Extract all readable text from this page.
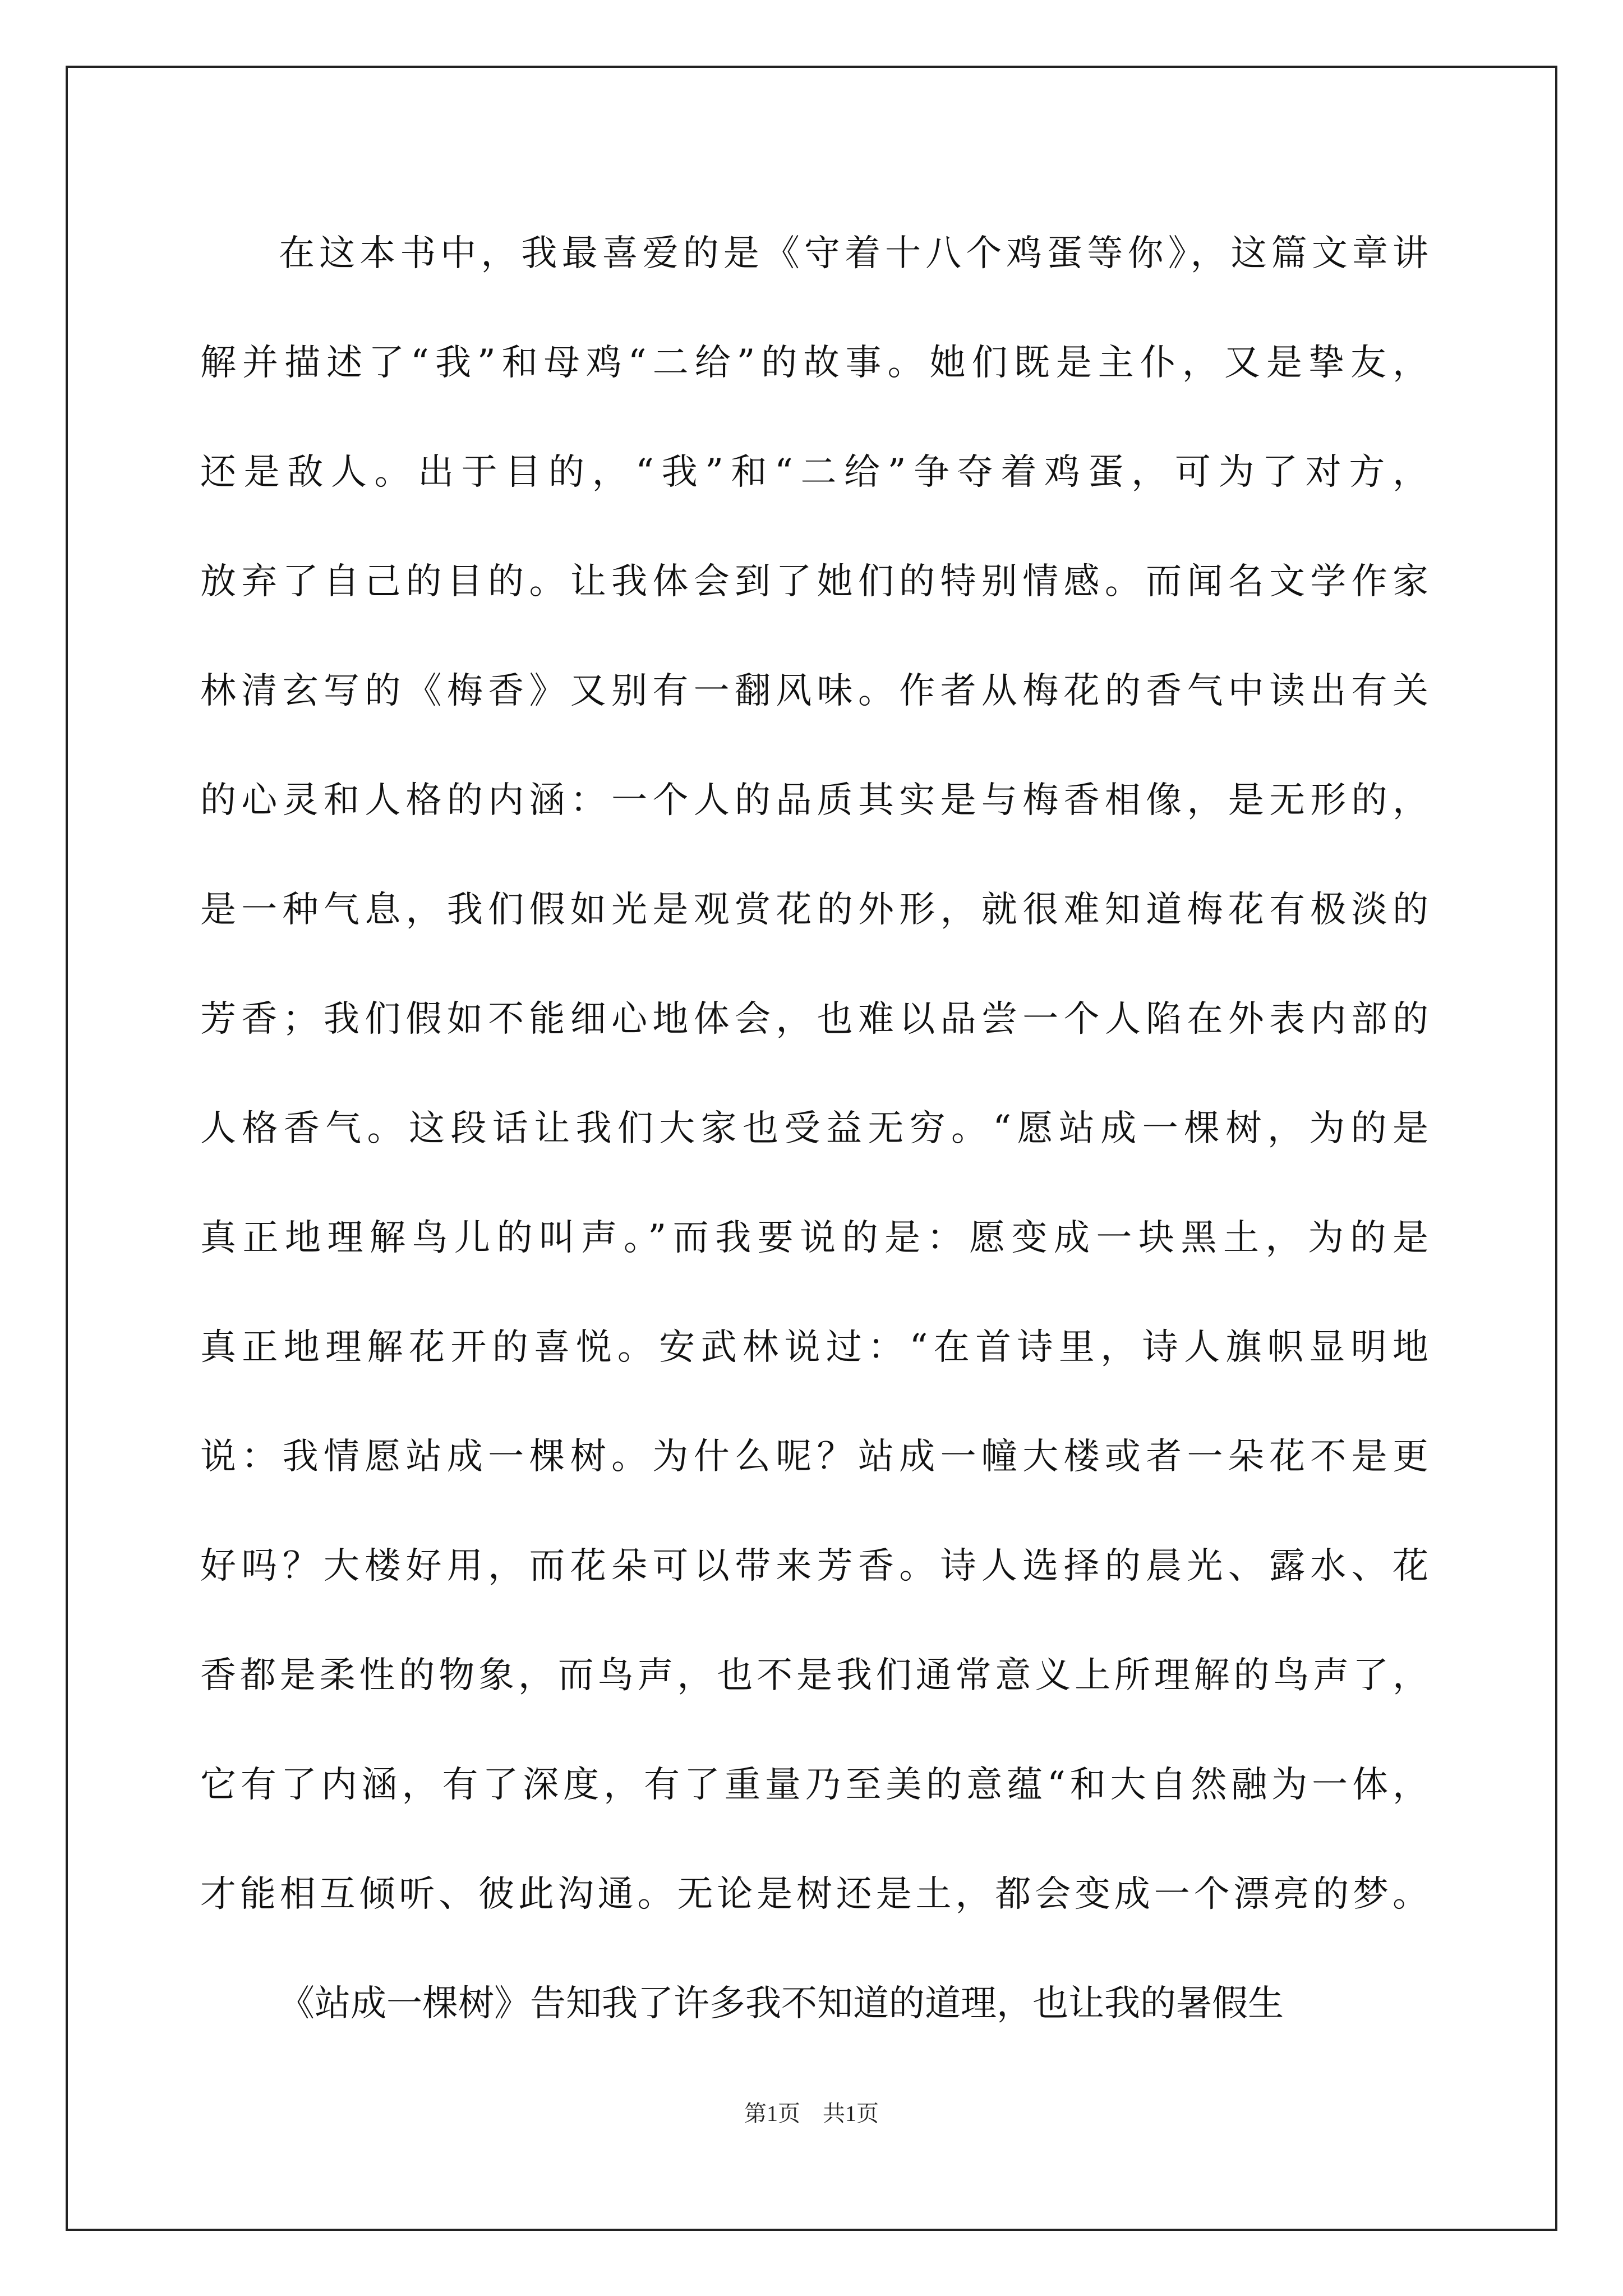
在这本书中，我最喜爱的是《守着十八个鸡蛋等你》，这篇文章讲
解并描述了“我”和母鸡“二给”的故事。她们既是主仆，又是挚友，
还是敌人。出于目的，“我”和“二给”争夺着鸡蛋，可为了对方，
放弃了自己的目的。让我体会到了她们的特别情感。而闻名文学作家
林清玄写的《梅香》又别有一翻风味。作者从梅花的香气中读出有关
的心灵和人格的内涵：一个人的品质其实是与梅香相像，是无形的，
是一种气息，我们假如光是观赏花的外形，就很难知道梅花有极淡的
芳香；我们假如不能细心地体会，也难以品尝一个人陷在外表内部的
人格香气。这段话让我们大家也受益无穷。“愿站成一棵树，为的是
真正地理解鸟儿的叫声。”而我要说的是：愿变成一块黑土，为的是
真正地理解花开的喜悦。安武林说过：“在首诗里，诗人旗帜显明地
说：我情愿站成一棵树。为什么呢？站成一幢大楼或者一朵花不是更
好吗？大楼好用，而花朵可以带来芳香。诗人选择的晨光、露水、花
香都是柔性的物象，而鸟声，也不是我们通常意义上所理解的鸟声了，
它有了内涵，有了深度，有了重量乃至美的意蕴“和大自然融为一体，
才能相互倾听、彼此沟通。无论是树还是土，都会变成一个漂亮的梦。
《站成一棵树》告知我了许多我不知道的道理，也让我的暑假生
第1页　共1页
